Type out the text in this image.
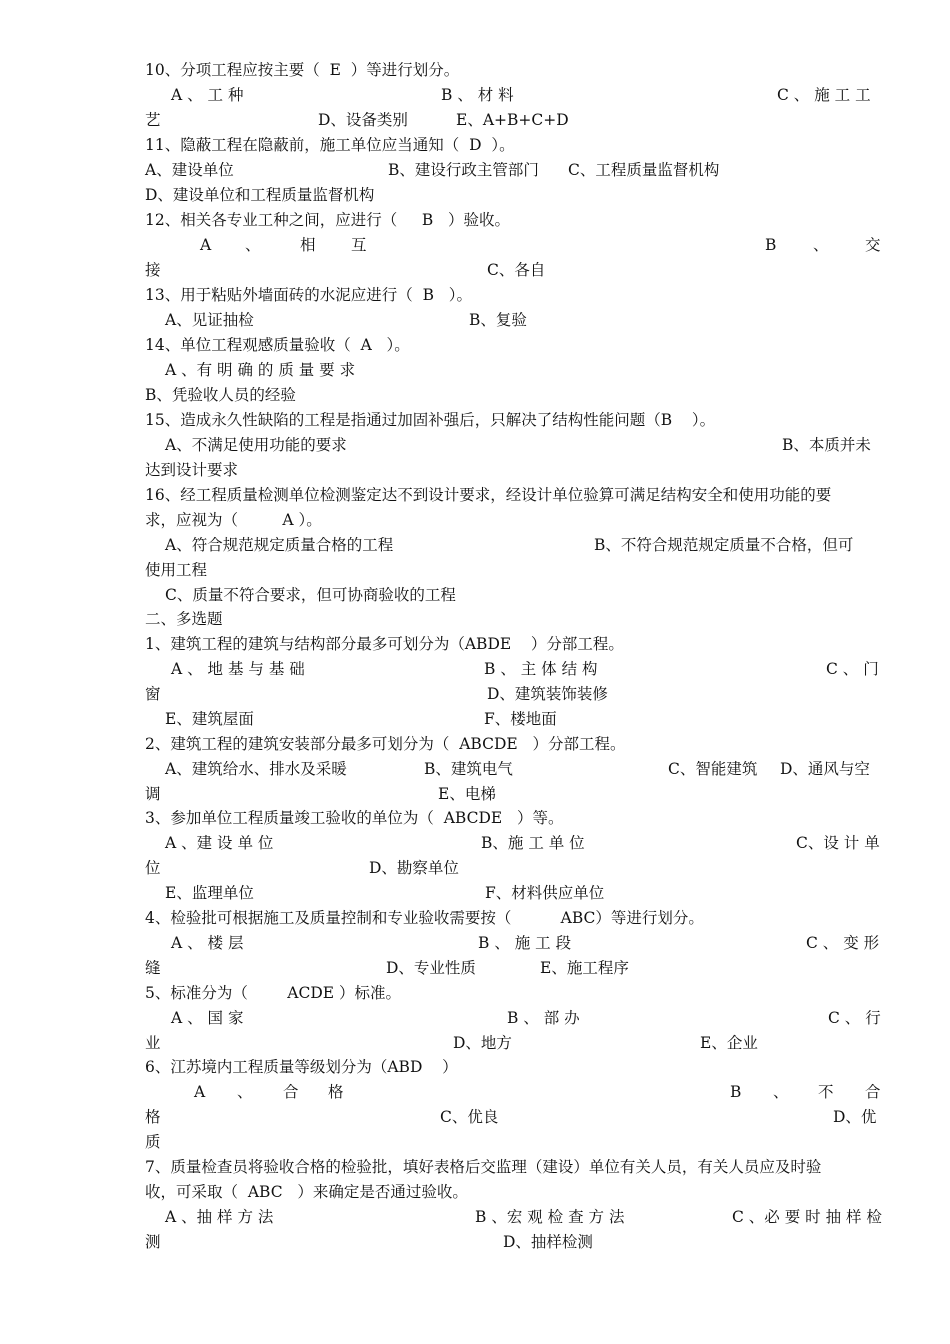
10、分项工程应按主要（  E  ）等进行划分。

A 、 工 种

	B 、 材 料

	C 、 施 工 工

艺

	D、设备类别

	E、A+B+C+D

11、隐蔽工程在隐蔽前，施工单位应当通知（  D  ）。

A、建设单位

	B、建设行政主管部门

C、工程质量监督机构

D、建设单位和工程质量监督机构

12、相关各专业工种之间，应进行（     B   ）验收。

A

、

	相

互

	B

、

交

接

	C、各自

13、用于粘贴外墙面砖的水泥应进行（  B   ）。

A、见证抽检

	B、复验

14、单位工程观感质量验收（  A   ）。

A 、有 明 确 的 质 量 要 求

B、凭验收人员的经验

15、造成永久性缺陷的工程是指通过加固补强后，只解决了结构性能问题（B    ）。

A、不满足使用功能的要求

	B、本质并未

达到设计要求

16、经工程质量检测单位检测鉴定达不到设计要求，经设计单位验算可满足结构安全和使用功能的要

求，应视为（         A ）。

A、符合规范规定质量合格的工程

	B、不符合规范规定质量不合格，但可

使用工程

C、质量不符合要求，但可协商验收的工程

二、多选题

1、建筑工程的建筑与结构部分最多可划分为（ABDE    ）分部工程。

A 、 地 基 与 基 础

	B 、 主 体 结 构

	C 、 门

窗

	D、建筑装饰装修

E、建筑屋面

	F、楼地面

2、建筑工程的建筑安装部分最多可划分为（  ABCDE   ）分部工程。

A、建筑给水、排水及采暖

	B、建筑电气

	C、智能建筑

D、通风与空

调

	E、电梯

3、参加单位工程质量竣工验收的单位为（  ABCDE   ）等。

A 、建 设 单 位

	B、施 工 单 位

	C、设 计 单

位

	D、勘察单位

E、监理单位

	F、材料供应单位

4、检验批可根据施工及质量控制和专业验收需要按（          ABC）等进行划分。

A 、 楼 层

	B 、 施 工 段

	C 、 变 形

缝

	D、专业性质

	E、施工程序

5、标准分为（        ACDE ）标准。

A 、 国 家

	B 、 部 办

	C 、 行

业

	D、地方

	E、企业

6、江苏境内工程质量等级划分为（ABD    ）

A

、

合

格

	B

、

不

合

格

	C、优良

	D、优

质

7、质量检查员将验收合格的检验批，填好表格后交监理（建设）单位有关人员，有关人员应及时验

收，可采取（  ABC   ）来确定是否通过验收。

A 、抽 样 方 法

	B 、宏 观 检 查 方 法

	C 、必 要 时 抽 样 检

测

	D、抽样检测
